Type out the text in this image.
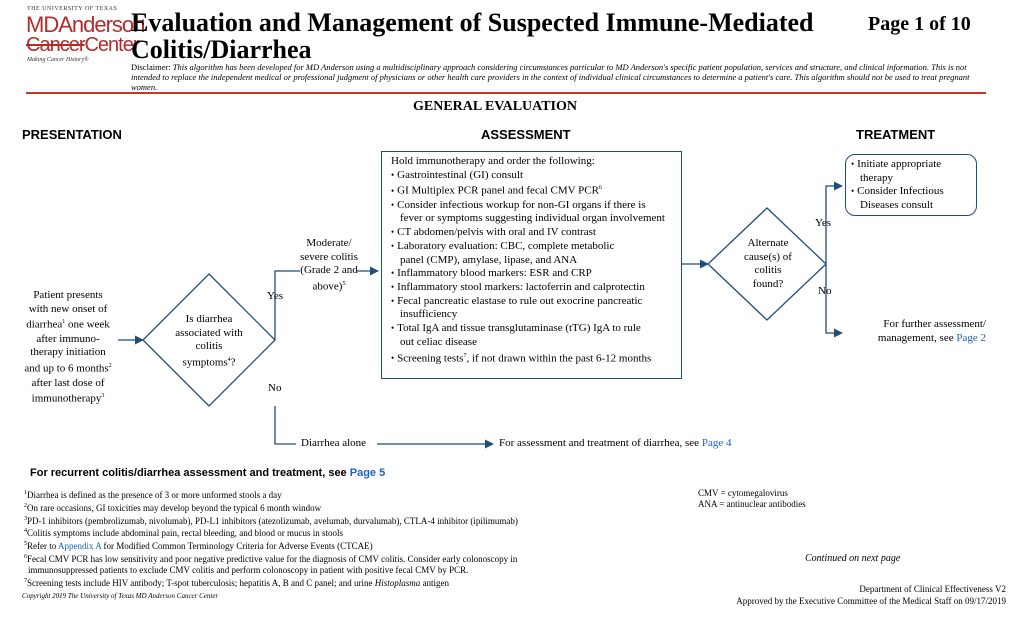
THE UNIVERSITY OF TEXAS
MDAnderson
CancerCenter
Making Cancer History®
Evaluation and Management of Suspected Immune-Mediated
Colitis/Diarrhea
Page 1 of 10
Disclaimer: This algorithm has been developed for MD Anderson using a multidisciplinary approach considering circumstances particular to MD Anderson's specific patient population, services and structure, and clinical information. This is not intended to replace the independent medical or professional judgment of physicians or other health care providers in the context of individual clinical circumstances to determine a patient's care. This algorithm should not be used to treat pregnant women.
GENERAL EVALUATION
PRESENTATION	ASSESSMENT	TREATMENT
Patient presents
with new onset of
diarrhea$^1$ one week
after immuno-
therapy initiation
and up to 6 months$^2$
after last dose of
immunotherapy$^3$
Is diarrhea
associated with
colitis
symptoms$^4$?
Yes
No
Moderate/
severe colitis
(Grade 2 and
above)$^5$
Hold immunotherapy and order the following:
• Gastrointestinal (GI) consult
• GI Multiplex PCR panel and fecal CMV PCR$^6$
• Consider infectious workup for non-GI organs if there is
fever or symptoms suggesting individual organ involvement
• CT abdomen/pelvis with oral and IV contrast
• Laboratory evaluation: CBC, complete metabolic
panel (CMP), amylase, lipase, and ANA
• Inflammatory blood markers: ESR and CRP
• Inflammatory stool markers: lactoferrin and calprotectin
• Fecal pancreatic elastase to rule out exocrine pancreatic
insufficiency
• Total IgA and tissue transglutaminase (tTG) IgA to rule
out celiac disease
• Screening tests$^7$, if not drawn within the past 6-12 months
Alternate
cause(s) of
colitis
found?
Yes
No
• Initiate appropriate
therapy
• Consider Infectious
Diseases consult
For further assessment/
management, see Page 2
Diarrhea alone	For assessment and treatment of diarrhea, see Page 4
For recurrent colitis/diarrhea assessment and treatment, see Page 5
$^1$Diarrhea is defined as the presence of 3 or more unformed stools a day
$^2$On rare occasions, GI toxicities may develop beyond the typical 6 month window
$^3$PD-1 inhibitors (pembrolizumab, nivolumab), PD-L1 inhibitors (atezolizumab, avelumab, durvalumab), CTLA-4 inhibitor (ipilimumab)
$^4$Colitis symptoms include abdominal pain, rectal bleeding, and blood or mucus in stools
$^5$Refer to Appendix A for Modified Common Terminology Criteria for Adverse Events (CTCAE)
$^6$Fecal CMV PCR has low sensitivity and poor negative predictive value for the diagnosis of CMV colitis. Consider early colonoscopy in
immunosuppressed patients to exclude CMV colitis and perform colonoscopy in patient with positive fecal CMV by PCR.
$^7$Screening tests include HIV antibody; T-spot tuberculosis; hepatitis A, B and C panel; and urine Histoplasma antigen
CMV = cytomegalovirus
ANA = antinuclear antibodies
Continued on next page
Copyright 2019 The University of Texas MD Anderson Cancer Center
Department of Clinical Effectiveness V2
Approved by the Executive Committee of the Medical Staff on 09/17/2019
